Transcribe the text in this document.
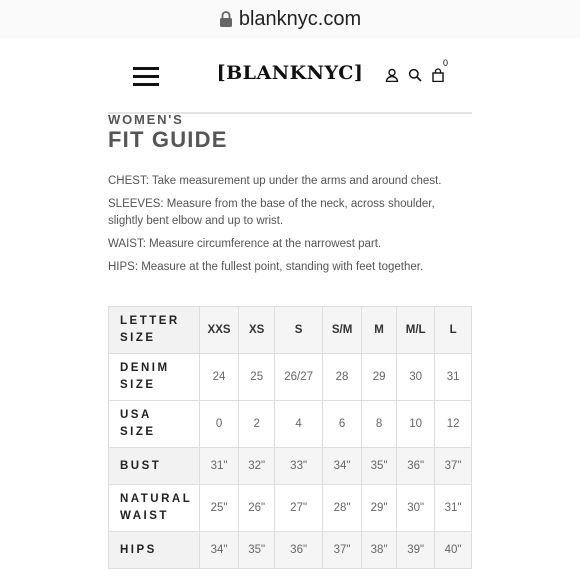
blanknyc.com
[BLANKNYC]	0
WOMEN'S
FIT GUIDE

CHEST: Take measurement up under the arms and around chest.

SLEEVES: Measure from the base of the neck, across shoulder,
slightly bent elbow and up to wrist.

WAIST: Measure circumference at the narrowest part.

HIPS: Measure at the fullest point, standing with feet together.

LETTER
SIZE	XXS	XS	S	S/M	M	M/L	L
DENIM
SIZE	24	25	26/27	28	29	30	31
USA
SIZE	0	2	4	6	8	10	12
BUST	31"	32"	33"	34"	35"	36"	37"
NATURAL
WAIST	25"	26"	27"	28"	29"	30"	31"
HIPS	34"	35"	36"	37"	38"	39"	40"
